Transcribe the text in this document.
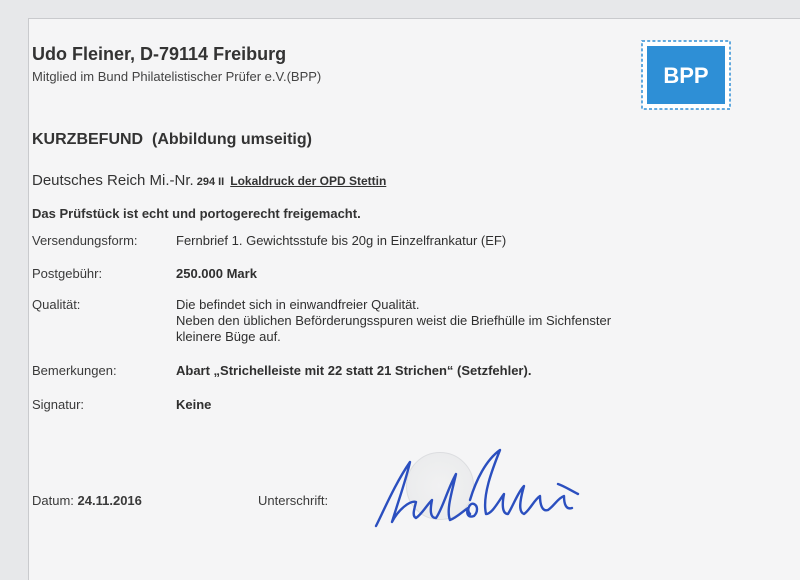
Udo Fleiner, D-79114 Freiburg
Mitglied im Bund Philatelistischer Prüfer e.V.(BPP)	BPP
KURZBEFUND  (Abbildung umseitig)
Deutsches Reich Mi.-Nr. 294 II Lokaldruck der OPD Stettin
Das Prüfstück ist echt und portogerecht freigemacht.
Versendungsform:	Fernbrief 1. Gewichtsstufe bis 20g in Einzelfrankatur (EF)
Postgebühr:	250.000 Mark
Qualität:	Die befindet sich in einwandfreier Qualität.
Neben den üblichen Beförderungsspuren weist die Briefhülle im Sichfenster
kleinere Büge auf.
Bemerkungen:	Abart „Strichelleiste mit 22 statt 21 Strichen“ (Setzfehler).
Signatur:	Keine
Datum: 24.11.2016	Unterschrift:
